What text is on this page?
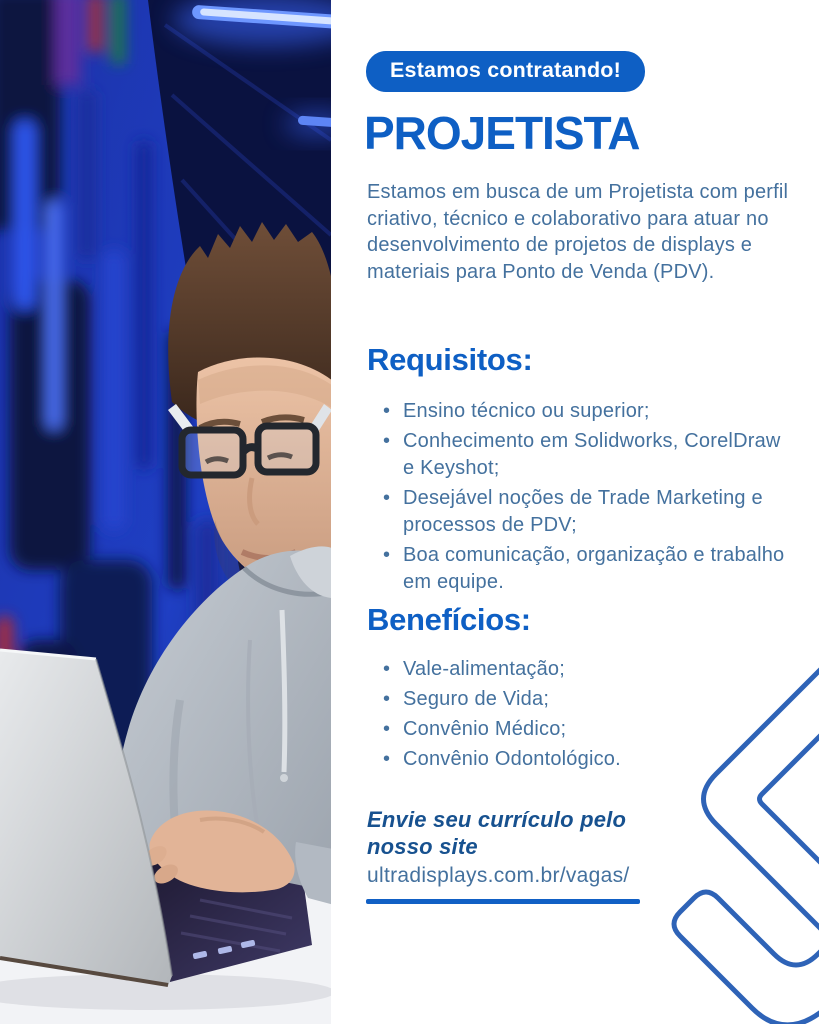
Estamos contratando!
PROJETISTA

Estamos em busca de um Projetista com perfil criativo, técnico e colaborativo para atuar no desenvolvimento de projetos de displays e materiais para Ponto de Venda (PDV).

Requisitos:
• Ensino técnico ou superior;
• Conhecimento em Solidworks, CorelDraw e Keyshot;
• Desejável noções de Trade Marketing e processos de PDV;
• Boa comunicação, organização e trabalho em equipe.
Benefícios:
• Vale-alimentação;
• Seguro de Vida;
• Convênio Médico;
• Convênio Odontológico.

Envie seu currículo pelo nosso site

ultradisplays.com.br/vagas/
